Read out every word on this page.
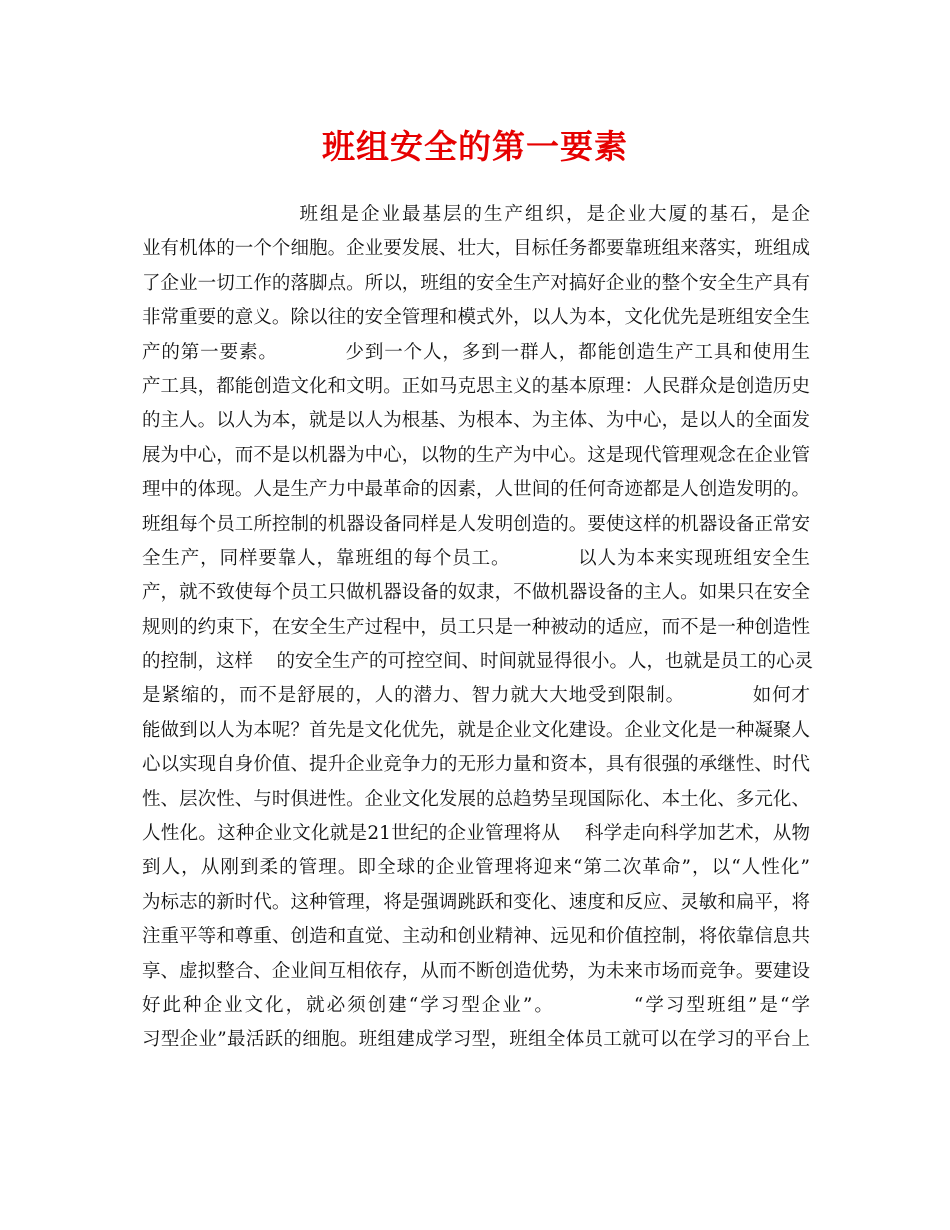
班组安全的第一要素
班组是企业最基层的生产组织，是企业大厦的基石，是企
业有机体的一个个细胞。企业要发展、壮大，目标任务都要靠班组来落实，班组成
了企业一切工作的落脚点。所以，班组的安全生产对搞好企业的整个安全生产具有
非常重要的意义。除以往的安全管理和模式外，以人为本，文化优先是班组安全生
产的第一要素。          少到一个人，多到一群人，都能创造生产工具和使用生
产工具，都能创造文化和文明。正如马克思主义的基本原理：人民群众是创造历史
的主人。以人为本，就是以人为根基、为根本、为主体、为中心，是以人的全面发
展为中心，而不是以机器为中心，以物的生产为中心。这是现代管理观念在企业管
理中的体现。人是生产力中最革命的因素，人世间的任何奇迹都是人创造发明的。
班组每个员工所控制的机器设备同样是人发明创造的。要使这样的机器设备正常安
全生产，同样要靠人，靠班组的每个员工。          以人为本来实现班组安全生
产，就不致使每个员工只做机器设备的奴隶，不做机器设备的主人。如果只在安全
规则的约束下，在安全生产过程中，员工只是一种被动的适应，而不是一种创造性
的控制，这样    的安全生产的可控空间、时间就显得很小。人，也就是员工的心灵
是紧缩的，而不是舒展的，人的潜力、智力就大大地受到限制。          如何才
能做到以人为本呢？首先是文化优先，就是企业文化建设。企业文化是一种凝聚人
心以实现自身价值、提升企业竞争力的无形力量和资本，具有很强的承继性、时代
性、层次性、与时俱进性。企业文化发展的总趋势呈现国际化、本土化、多元化、
人性化。这种企业文化就是21世纪的企业管理将从    科学走向科学加艺术，从物
到人，从刚到柔的管理。即全球的企业管理将迎来“第二次革命”，以“人性化”
为标志的新时代。这种管理，将是强调跳跃和变化、速度和反应、灵敏和扁平，将
注重平等和尊重、创造和直觉、主动和创业精神、远见和价值控制，将依靠信息共
享、虚拟整合、企业间互相依存，从而不断创造优势，为未来市场而竞争。要建设
好此种企业文化，就必须创建“学习型企业”。          “学习型班组”是“学
习型企业”最活跃的细胞。班组建成学习型，班组全体员工就可以在学习的平台上
